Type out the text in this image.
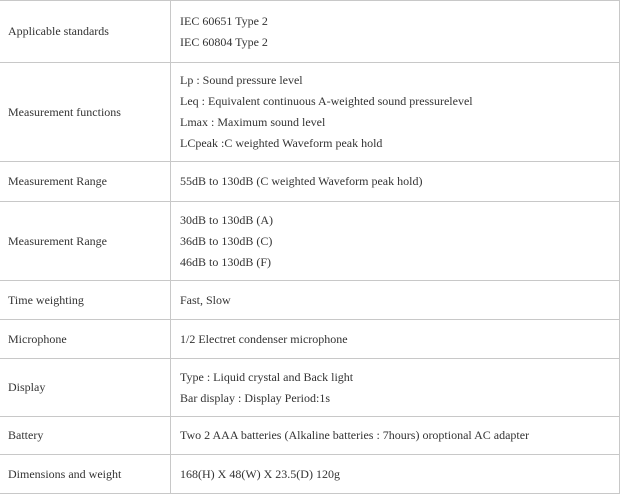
Applicable standards	IEC 60651 Type 2
IEC 60804 Type 2

Measurement functions	Lp : Sound pressure level
Leq : Equivalent continuous A-weighted sound pressurelevel
Lmax : Maximum sound level
LCpeak :C weighted Waveform peak hold

Measurement Range	55dB to 130dB (C weighted Waveform peak hold)

Measurement Range	30dB to 130dB (A)
36dB to 130dB (C)
46dB to 130dB (F)

Time weighting	Fast, Slow

Microphone	1/2 Electret condenser microphone

Display	Type : Liquid crystal and Back light
Bar display : Display Period:1s

Battery	Two 2 AAA batteries (Alkaline batteries : 7hours) oroptional AC adapter

Dimensions and weight	168(H) X 48(W) X 23.5(D) 120g
